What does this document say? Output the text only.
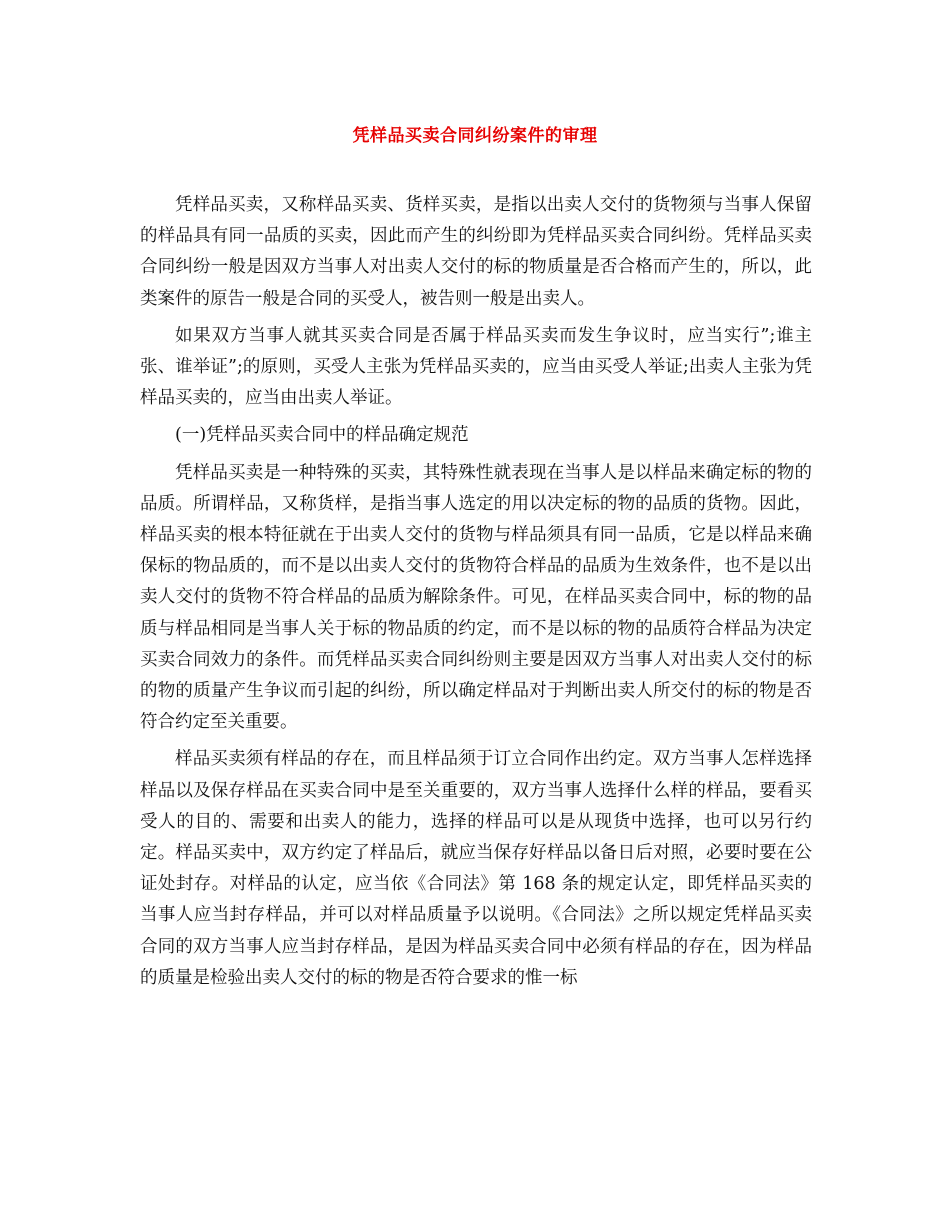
凭样品买卖合同纠纷案件的审理

凭样品买卖，又称样品买卖、货样买卖，是指以出卖人交付的货物须与当事人保留的样品具有同一品质的买卖，因此而产生的纠纷即为凭样品买卖合同纠纷。凭样品买卖合同纠纷一般是因双方当事人对出卖人交付的标的物质量是否合格而产生的，所以，此类案件的原告一般是合同的买受人，被告则一般是出卖人。

如果双方当事人就其买卖合同是否属于样品买卖而发生争议时，应当实行”;谁主张、谁举证”;的原则，买受人主张为凭样品买卖的，应当由买受人举证;出卖人主张为凭样品买卖的，应当由出卖人举证。

(一)凭样品买卖合同中的样品确定规范

凭样品买卖是一种特殊的买卖，其特殊性就表现在当事人是以样品来确定标的物的品质。所谓样品，又称货样，是指当事人选定的用以决定标的物的品质的货物。因此，样品买卖的根本特征就在于出卖人交付的货物与样品须具有同一品质，它是以样品来确保标的物品质的，而不是以出卖人交付的货物符合样品的品质为生效条件，也不是以出卖人交付的货物不符合样品的品质为解除条件。可见，在样品买卖合同中，标的物的品质与样品相同是当事人关于标的物品质的约定，而不是以标的物的品质符合样品为决定买卖合同效力的条件。而凭样品买卖合同纠纷则主要是因双方当事人对出卖人交付的标的物的质量产生争议而引起的纠纷，所以确定样品对于判断出卖人所交付的标的物是否符合约定至关重要。

样品买卖须有样品的存在，而且样品须于订立合同作出约定。双方当事人怎样选择样品以及保存样品在买卖合同中是至关重要的，双方当事人选择什么样的样品，要看买受人的目的、需要和出卖人的能力，选择的样品可以是从现货中选择，也可以另行约定。样品买卖中，双方约定了样品后，就应当保存好样品以备日后对照，必要时要在公证处封存。对样品的认定，应当依《合同法》第 168 条的规定认定，即凭样品买卖的当事人应当封存样品，并可以对样品质量予以说明。《合同法》之所以规定凭样品买卖合同的双方当事人应当封存样品，是因为样品买卖合同中必须有样品的存在，因为样品的质量是检验出卖人交付的标的物是否符合要求的惟一标
